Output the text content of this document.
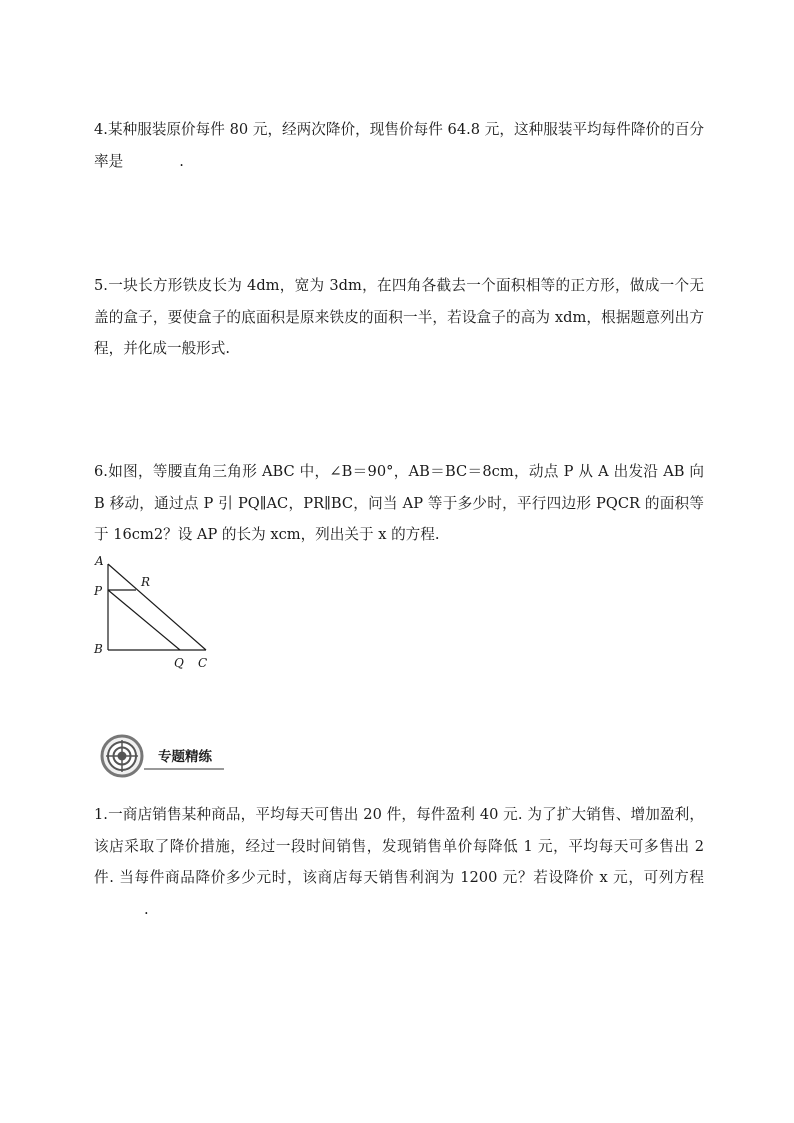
4.某种服装原价每件 80 元，经两次降价，现售价每件 64.8 元，这种服装平均每件降价的百分率是	.

5.一块长方形铁皮长为 4dm，宽为 3dm，在四角各截去一个面积相等的正方形，做成一个无盖的盒子，要使盒子的底面积是原来铁皮的面积一半，若设盒子的高为 xdm，根据题意列出方程，并化成一般形式.

6.如图，等腰直角三角形 ABC 中，∠B＝90°，AB＝BC＝8cm，动点 P 从 A 出发沿 AB 向 B 移动，通过点 P 引 PQ∥AC，PR∥BC，问当 AP 等于多少时，平行四边形 PQCR 的面积等于 16cm2？设 AP 的长为 xcm，列出关于 x 的方程.

A
R
P
B
Q C
专题精练

1.一商店销售某种商品，平均每天可售出 20 件，每件盈利 40 元. 为了扩大销售、增加盈利，该店采取了降价措施，经过一段时间销售，发现销售单价每降低 1 元，平均每天可多售出 2 件. 当每件商品降价多少元时，该商店每天销售利润为 1200 元？若设降价 x 元，可列方程.
